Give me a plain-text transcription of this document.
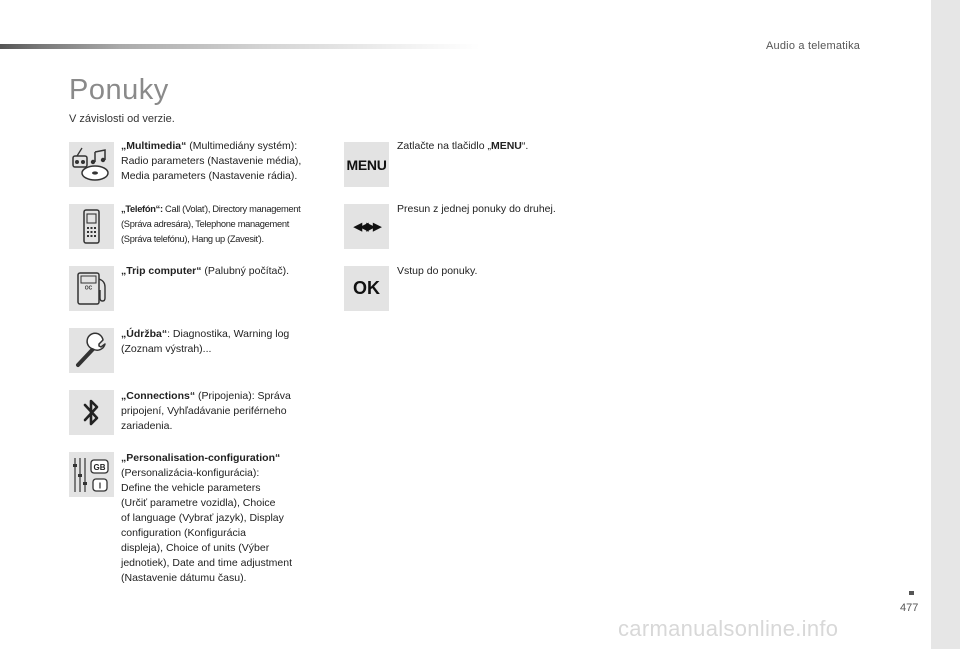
Audio a telematika
Ponuky
V závislosti od verzie.
„Multimedia“ (Multimediány systém):
Radio parameters (Nastavenie média),
Media parameters (Nastavenie rádia).
„Telefón“: Call (Volať), Directory management
(Správa adresára), Telephone management
(Správa telefónu), Hang up (Zavesiť).
OC
„Trip computer“ (Palubný počítač).
„Údržba“: Diagnostika, Warning log
(Zoznam výstrah)...
„Connections“ (Pripojenia): Správa
pripojení, Vyhľadávanie periférneho
zariadenia.
GB
I
„Personalisation-configuration“
(Personalizácia-konfigurácia):
Define the vehicle parameters
(Určiť parametre vozidla), Choice
of language (Vybrať jazyk), Display
configuration (Konfigurácia
displeja), Choice of units (Výber
jednotiek), Date and time adjustment
(Nastavenie dátumu času).
MENU
Zatlačte na tlačidlo „MENU“.
◀◀▶▶
Presun z jednej ponuky do druhej.
OK
Vstup do ponuky.
477
carmanualsonline.info
